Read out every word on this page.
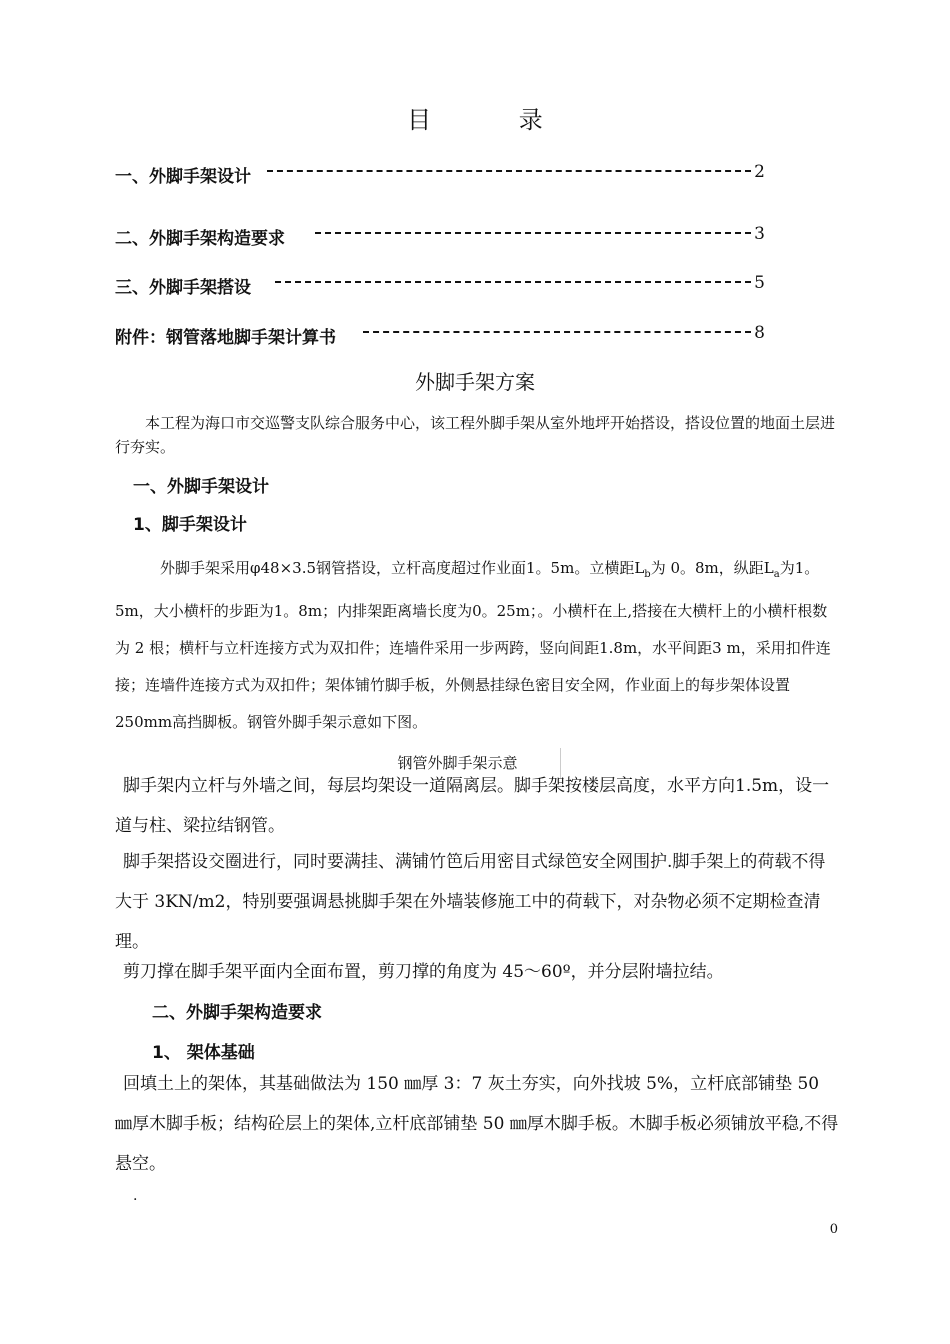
目 录
一、外脚手架设计	2
二、外脚手架构造要求	3
三、外脚手架搭设	5
附件：钢管落地脚手架计算书	8
外脚手架方案
本工程为海口市交巡警支队综合服务中心，该工程外脚手架从室外地坪开始搭设，搭设位置的地面土层进行夯实。
一、外脚手架设计
1、脚手架设计
外脚手架采用φ48×3.5钢管搭设，立杆高度超过作业面1。5m。立横距$L_b$为 0。8m，纵距$L_a$为1。5m，大小横杆的步距为1。8m；内排架距离墙长度为0。25m；。小横杆在上,搭接在大横杆上的小横杆根数为 2 根；横杆与立杆连接方式为双扣件；连墙件采用一步两跨，竖向间距1.8m，水平间距3 m，采用扣件连接；连墙件连接方式为双扣件；架体铺竹脚手板，外侧悬挂绿色密目安全网，作业面上的每步架体设置250mm高挡脚板。钢管外脚手架示意如下图。
钢管外脚手架示意
脚手架内立杆与外墙之间，每层均架设一道隔离层。脚手架按楼层高度，水平方向1.5m，设一道与柱、梁拉结钢管。
脚手架搭设交圈进行，同时要满挂、满铺竹笆后用密目式绿笆安全网围护.脚手架上的荷载不得大于 3KN/m2，特别要强调悬挑脚手架在外墙装修施工中的荷载下，对杂物必须不定期检查清理。
剪刀撑在脚手架平面内全面布置，剪刀撑的角度为 45～60º，并分层附墙拉结。
二、外脚手架构造要求
1、 架体基础
回填土上的架体，其基础做法为 150 ㎜厚 3：7 灰土夯实，向外找坡 5%，立杆底部铺垫 50 ㎜厚木脚手板；结构砼层上的架体,立杆底部铺垫 50 ㎜厚木脚手板。木脚手板必须铺放平稳,不得悬空。
.
0
